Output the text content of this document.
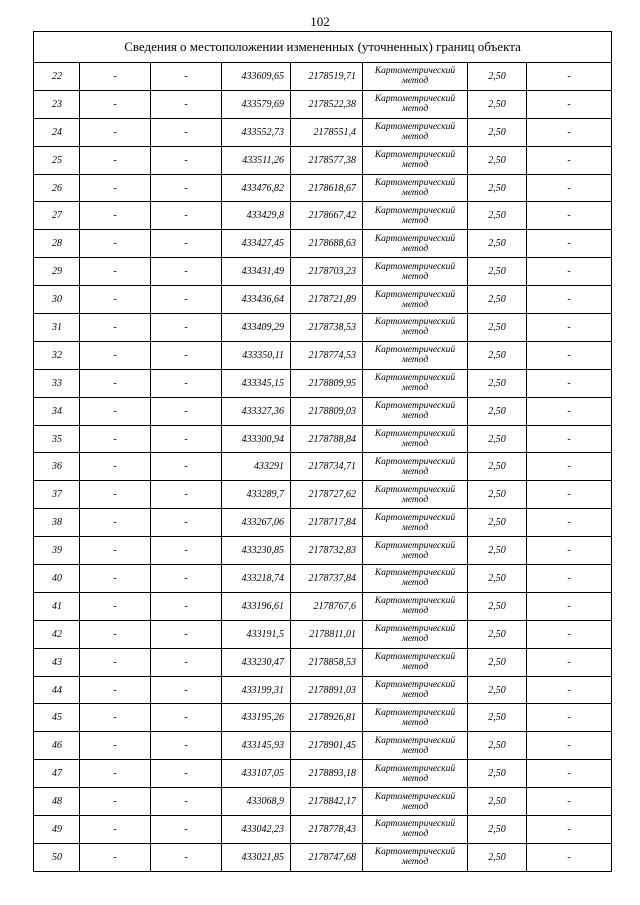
102
Сведения о местоположении измененных (уточненных) границ объекта							
22	-	-	433609,65	2178519,71	Картометрический метод	2,50	-
23	-	-	433579,69	2178522,38	Картометрический метод	2,50	-
24	-	-	433552,73	2178551,4	Картометрический метод	2,50	-
25	-	-	433511,26	2178577,38	Картометрический метод	2,50	-
26	-	-	433476,82	2178618,67	Картометрический метод	2,50	-
27	-	-	433429,8	2178667,42	Картометрический метод	2,50	-
28	-	-	433427,45	2178688,63	Картометрический метод	2,50	-
29	-	-	433431,49	2178703,23	Картометрический метод	2,50	-
30	-	-	433436,64	2178721,89	Картометрический метод	2,50	-
31	-	-	433409,29	2178738,53	Картометрический метод	2,50	-
32	-	-	433350,11	2178774,53	Картометрический метод	2,50	-
33	-	-	433345,15	2178809,95	Картометрический метод	2,50	-
34	-	-	433327,36	2178809,03	Картометрический метод	2,50	-
35	-	-	433300,94	2178788,84	Картометрический метод	2,50	-
36	-	-	433291	2178734,71	Картометрический метод	2,50	-
37	-	-	433289,7	2178727,62	Картометрический метод	2,50	-
38	-	-	433267,06	2178717,84	Картометрический метод	2,50	-
39	-	-	433230,85	2178732,83	Картометрический метод	2,50	-
40	-	-	433218,74	2178737,84	Картометрический метод	2,50	-
41	-	-	433196,61	2178767,6	Картометрический метод	2,50	-
42	-	-	433191,5	2178811,01	Картометрический метод	2,50	-
43	-	-	433230,47	2178858,53	Картометрический метод	2,50	-
44	-	-	433199,31	2178891,03	Картометрический метод	2,50	-
45	-	-	433195,26	2178926,81	Картометрический метод	2,50	-
46	-	-	433145,93	2178901,45	Картометрический метод	2,50	-
47	-	-	433107,05	2178893,18	Картометрический метод	2,50	-
48	-	-	433068,9	2178842,17	Картометрический метод	2,50	-
49	-	-	433042,23	2178778,43	Картометрический метод	2,50	-
50	-	-	433021,85	2178747,68	Картометрический метод	2,50	-
